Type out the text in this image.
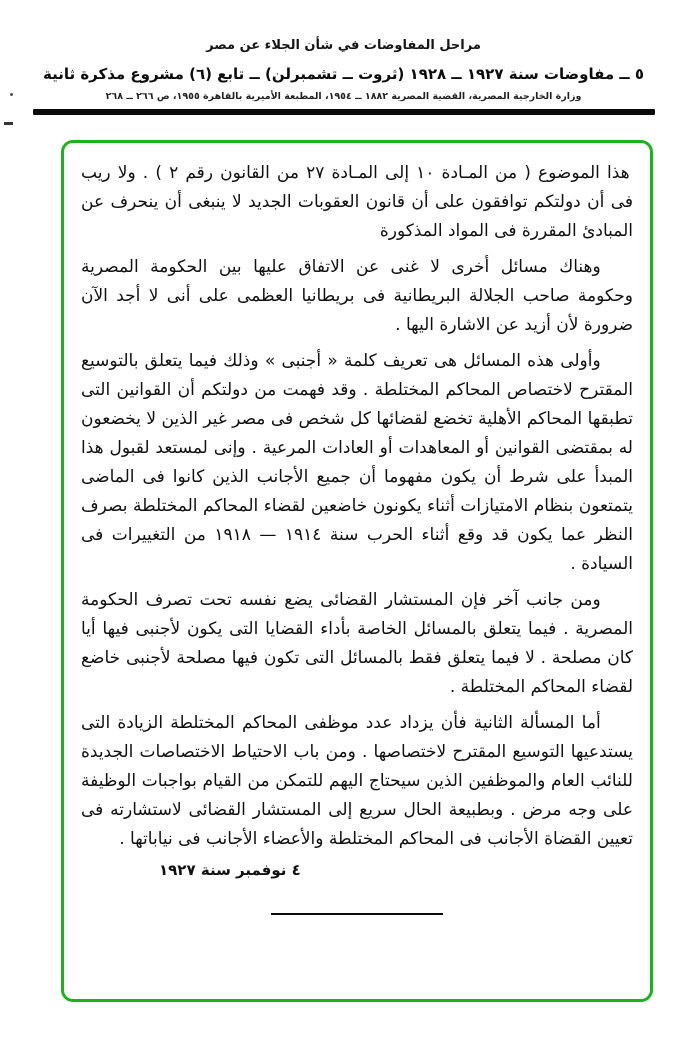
مراحل المفاوضات في شأن الجلاء عن مصر
٥ ــ مفاوضات سنة ١٩٢٧ ــ ١٩٢٨ (ثروت ــ تشمبرلن) ــ تابع (٦) مشروع مذكرة ثانية
وزارة الخارجية المصرية، القضية المصرية ١٨٨٢ ــ ١٩٥٤، المطبعة الأميرية بالقاهرة ١٩٥٥، ص ٢٦٦ ــ ٢٦٨

هذا الموضوع ( من المـادة ١٠ إلى المـادة ٢٧ من القانون رقم ٢ ) . ولا ريب فى أن دولتكم توافقون على أن قانون العقوبات الجديد لا ينبغى أن ينحرف عن المبادئ المقررة فى المواد المذكورة

وهناك مسائل أخرى لا غنى عن الاتفاق عليها بين الحكومة المصرية وحكومة صاحب الجلالة البريطانية فى بريطانيا العظمى على أنى لا أجد الآن ضرورة لأن أزيد عن الاشارة اليها .

وأولى هذه المسائل هى تعريف كلمة « أجنبى » وذلك فيما يتعلق بالتوسيع المقترح لاختصاص المحاكم المختلطة . وقد فهمت من دولتكم أن القوانين التى تطبقها المحاكم الأهلية تخضع لقضائها كل شخص فى مصر غير الذين لا يخضعون له بمقتضى القوانين أو المعاهدات أو العادات المرعية . وإنى لمستعد لقبول هذا المبدأ على شرط أن يكون مفهوما أن جميع الأجانب الذين كانوا فى الماضى يتمتعون بنظام الامتيازات أثناء يكونون خاضعين لقضاء المحاكم المختلطة بصرف النظر عما يكون قد وقع أثناء الحرب سنة ١٩١٤ — ١٩١٨ من التغييرات فى السيادة .

ومن جانب آخر فإن المستشار القضائى يضع نفسه تحت تصرف الحكومة المصرية . فيما يتعلق بالمسائل الخاصة بأداء القضايا التى يكون لأجنبى فيها أيا كان مصلحة . لا فيما يتعلق فقط بالمسائل التى تكون فيها مصلحة لأجنبى خاضع لقضاء المحاكم المختلطة .

أما المسألة الثانية فأن يزداد عدد موظفى المحاكم المختلطة الزيادة التى يستدعيها التوسيع المقترح لاختصاصها . ومن باب الاحتياط الاختصاصات الجديدة للنائب العام والموظفين الذين سيحتاج اليهم للتمكن من القيام بواجبات الوظيفة على وجه مرض . وبطبيعة الحال سريع إلى المستشار القضائى لاستشارته فى تعيين القضاة الأجانب فى المحاكم المختلطة والأعضاء الأجانب فى نياباتها .

٤ نوفمبر سنة ١٩٢٧
